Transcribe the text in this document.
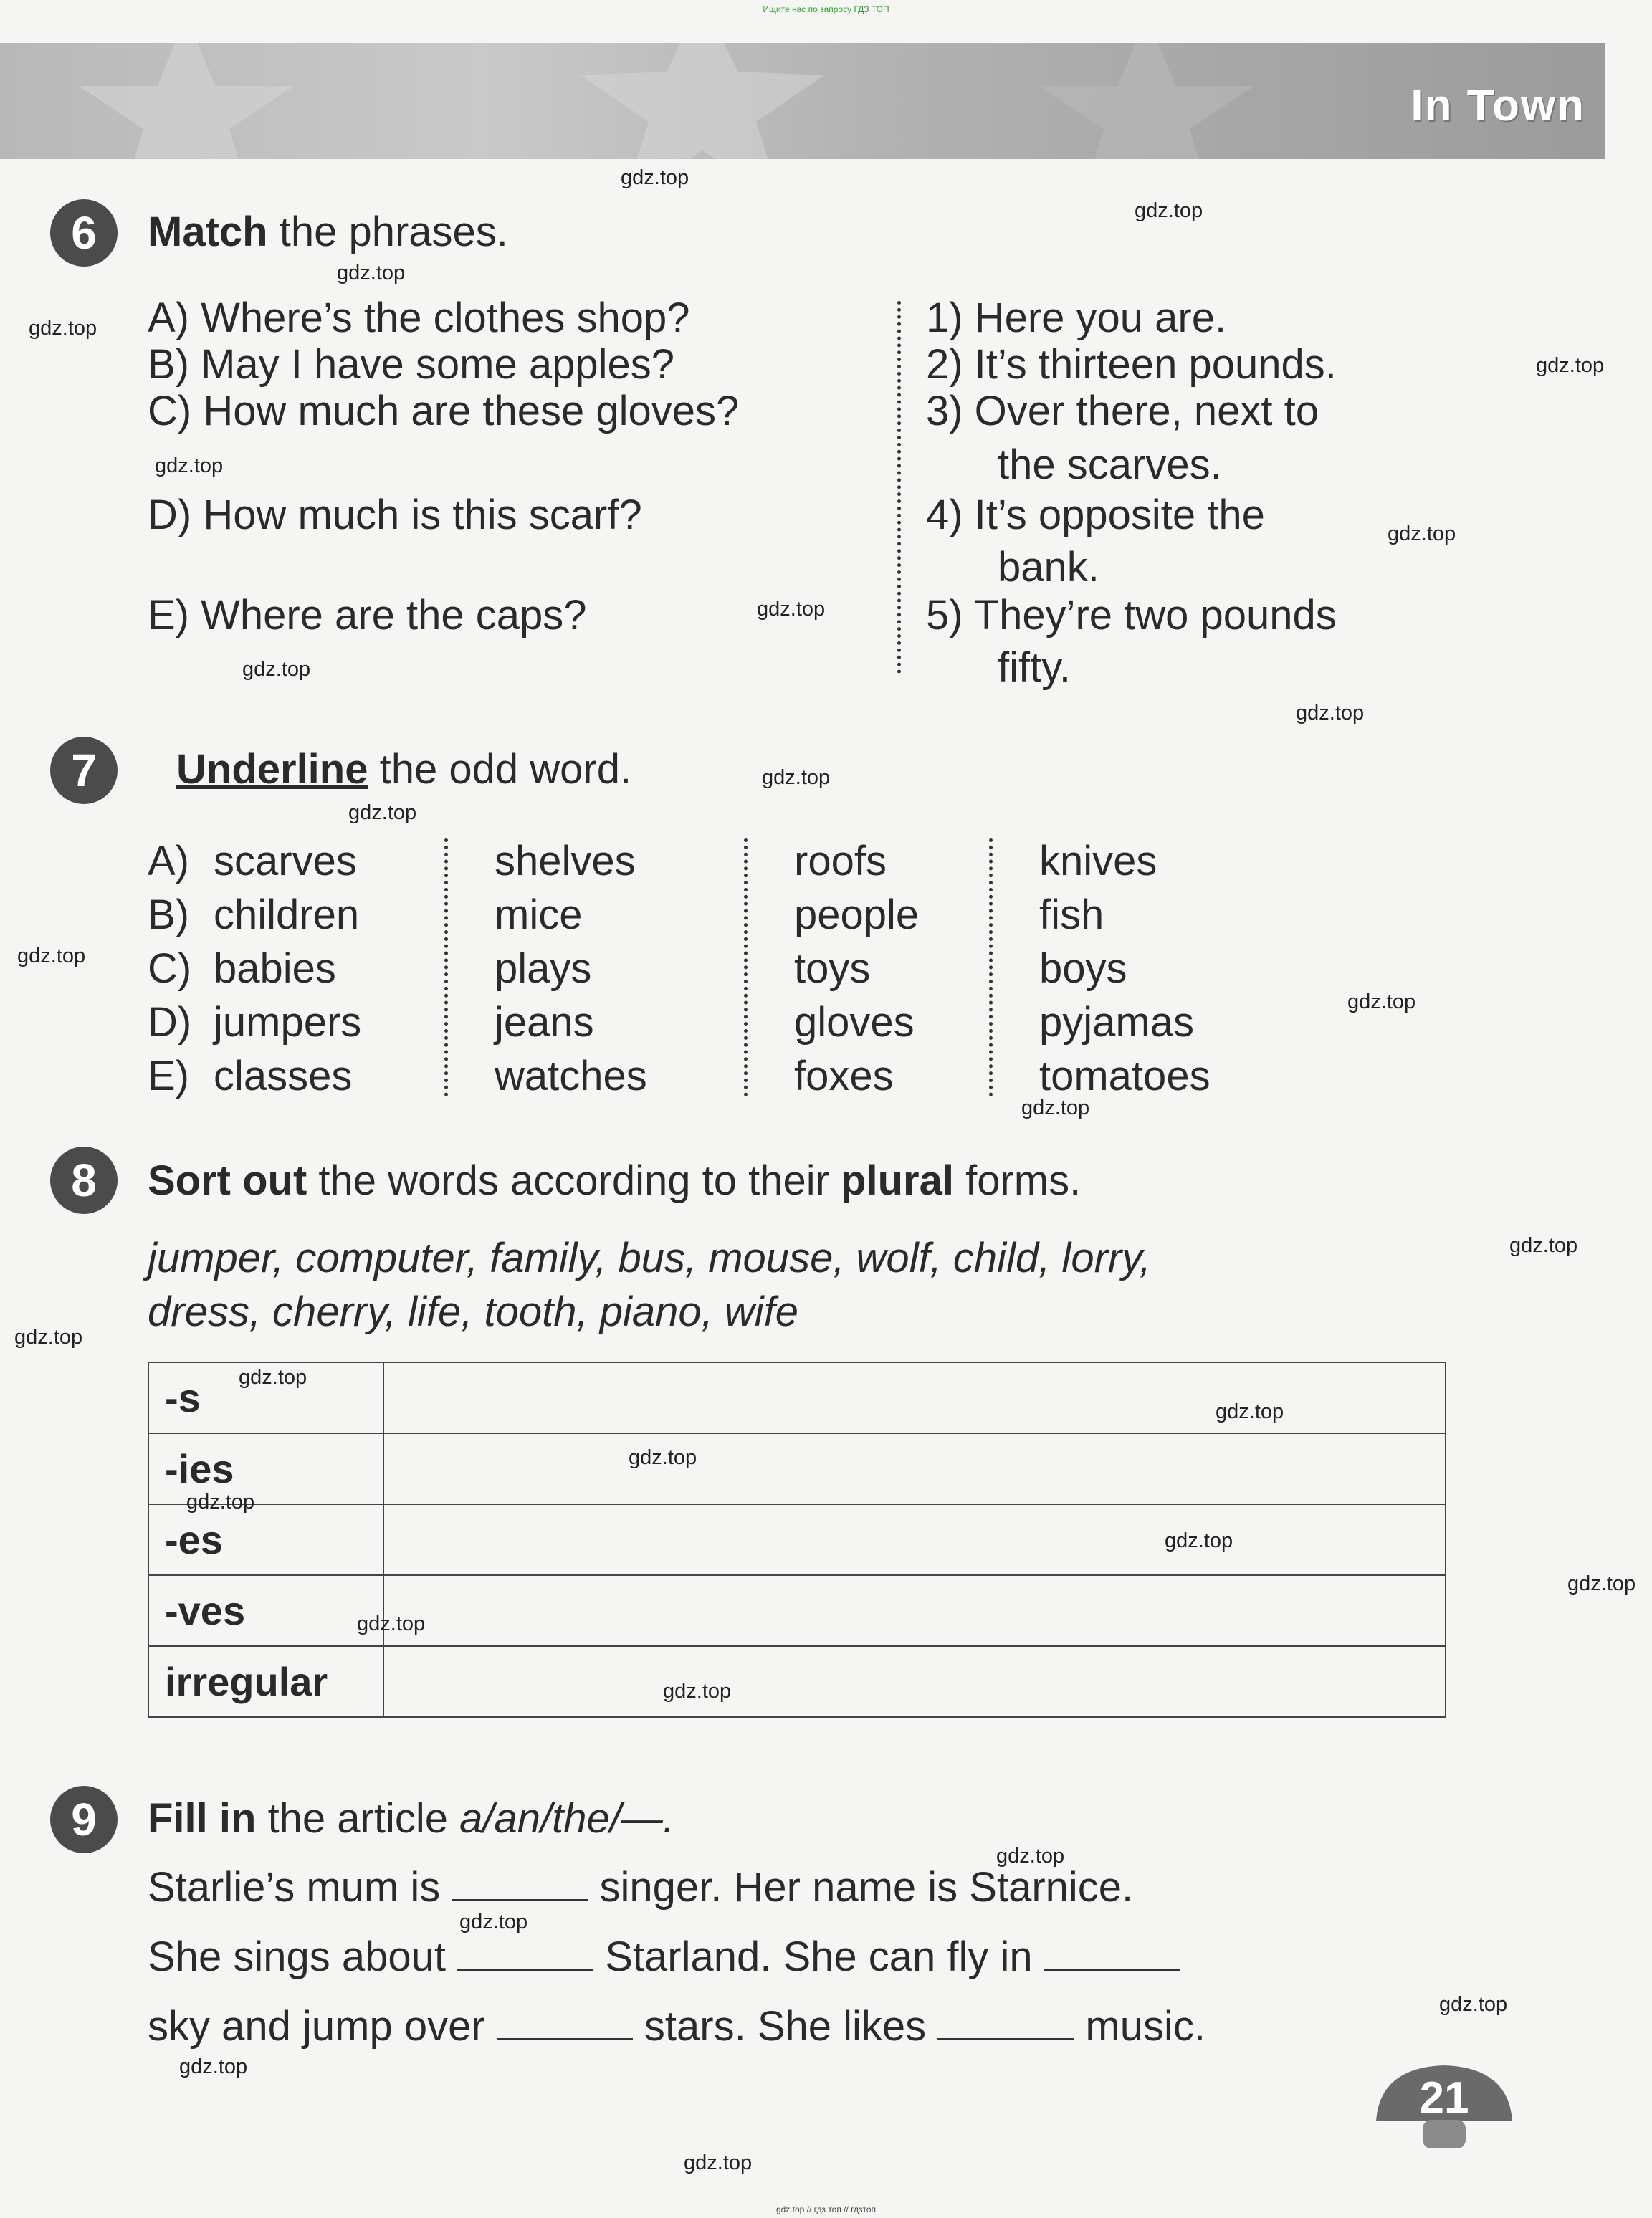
Ищите нас по запросу ГДЗ ТОП
In Town
6	Match the phrases.
A) Where’s the clothes shop?
B) May I have some apples?
C) How much are these gloves?
D) How much is this scarf?
E) Where are the caps?
1) Here you are.
2) It’s thirteen pounds.
3) Over there, next to
the scarves.
4) It’s opposite the
bank.
5) They’re two pounds
fifty.
7	Underline the odd word.
A) scarves	shelves	roofs	knives
B) children	mice	people	fish
C) babies	plays	toys	boys
D) jumpers	jeans	gloves	pyjamas
E) classes	watches	foxes	tomatoes
8	Sort out the words according to their plural forms.
jumper, computer, family, bus, mouse, wolf, child, lorry,
dress, cherry, life, tooth, piano, wife
-s	
-ies	
-es	
-ves	
irregular	
9	Fill in the article a/an/the/—.
Starlie’s mum is	singer. Her name is Starnice.
She sings about	Starland. She can fly in
sky and jump over	stars. She likes	music.
21
gdz.top
gdz.top
gdz.top
gdz.top
gdz.top
gdz.top
gdz.top
gdz.top
gdz.top
gdz.top
gdz.top
gdz.top
gdz.top
gdz.top
gdz.top
gdz.top
gdz.top
gdz.top
gdz.top
gdz.top
gdz.top
gdz.top
gdz.top
gdz.top
gdz.top
gdz.top
gdz.top
gdz.top
gdz.top
gdz.top
gdz.top // гдз топ // гдзтоп
